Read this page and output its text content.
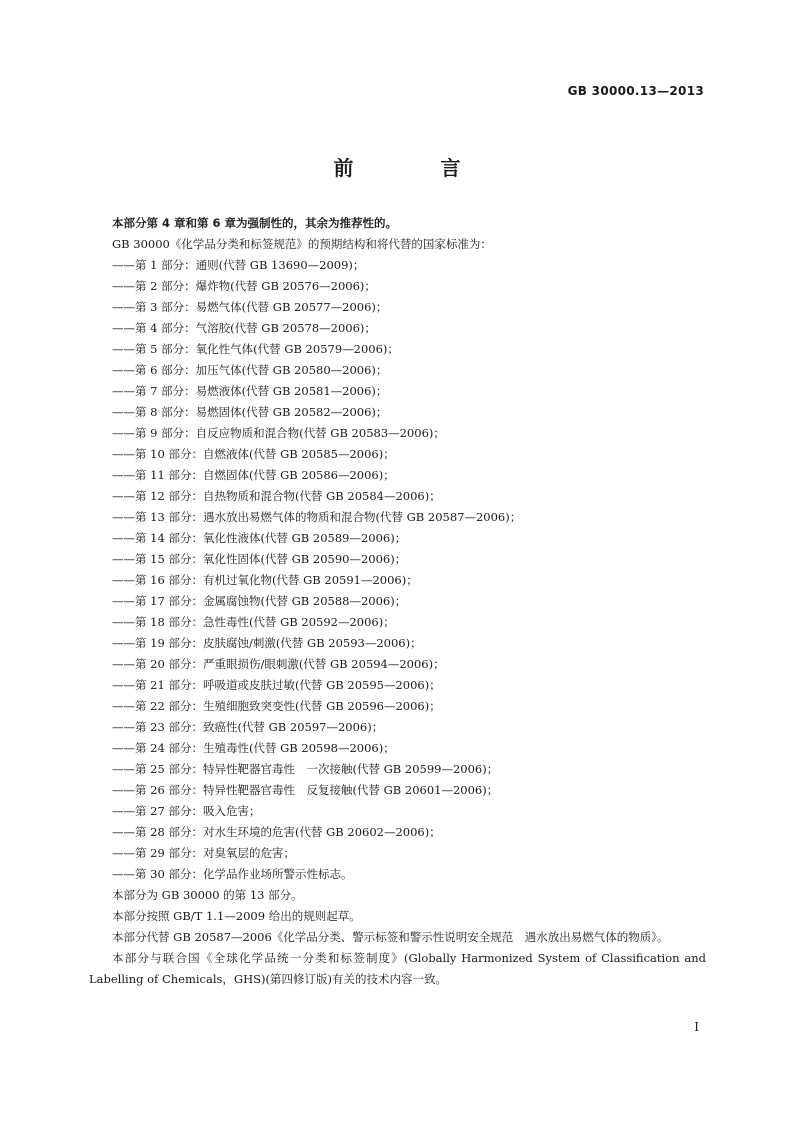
GB 30000.13—2013
前 言
本部分第 4 章和第 6 章为强制性的，其余为推荐性的。
GB 30000《化学品分类和标签规范》的预期结构和将代替的国家标准为：
——第 1 部分：通则(代替 GB 13690—2009)；
——第 2 部分：爆炸物(代替 GB 20576—2006)；
——第 3 部分：易燃气体(代替 GB 20577—2006)；
——第 4 部分：气溶胶(代替 GB 20578—2006)；
——第 5 部分：氧化性气体(代替 GB 20579—2006)；
——第 6 部分：加压气体(代替 GB 20580—2006)；
——第 7 部分：易燃液体(代替 GB 20581—2006)；
——第 8 部分：易燃固体(代替 GB 20582—2006)；
——第 9 部分：自反应物质和混合物(代替 GB 20583—2006)；
——第 10 部分：自燃液体(代替 GB 20585—2006)；
——第 11 部分：自燃固体(代替 GB 20586—2006)；
——第 12 部分：自热物质和混合物(代替 GB 20584—2006)；
——第 13 部分：遇水放出易燃气体的物质和混合物(代替 GB 20587—2006)；
——第 14 部分：氧化性液体(代替 GB 20589—2006)；
——第 15 部分：氧化性固体(代替 GB 20590—2006)；
——第 16 部分：有机过氧化物(代替 GB 20591—2006)；
——第 17 部分：金属腐蚀物(代替 GB 20588—2006)；
——第 18 部分：急性毒性(代替 GB 20592—2006)；
——第 19 部分：皮肤腐蚀/刺激(代替 GB 20593—2006)；
——第 20 部分：严重眼损伤/眼刺激(代替 GB 20594—2006)；
——第 21 部分：呼吸道或皮肤过敏(代替 GB 20595—2006)；
——第 22 部分：生殖细胞致突变性(代替 GB 20596—2006)；
——第 23 部分：致癌性(代替 GB 20597—2006)；
——第 24 部分：生殖毒性(代替 GB 20598—2006)；
——第 25 部分：特异性靶器官毒性　一次接触(代替 GB 20599—2006)；
——第 26 部分：特异性靶器官毒性　反复接触(代替 GB 20601—2006)；
——第 27 部分：吸入危害；
——第 28 部分：对水生环境的危害(代替 GB 20602—2006)；
——第 29 部分：对臭氧层的危害；
——第 30 部分：化学品作业场所警示性标志。
本部分为 GB 30000 的第 13 部分。
本部分按照 GB/T 1.1—2009 给出的规则起草。
本部分代替 GB 20587—2006《化学品分类、警示标签和警示性说明安全规范　遇水放出易燃气体的物质》。
本部分与联合国《全球化学品统一分类和标签制度》(Globally Harmonized System of Classification and Labelling of Chemicals，GHS)(第四修订版)有关的技术内容一致。
I
